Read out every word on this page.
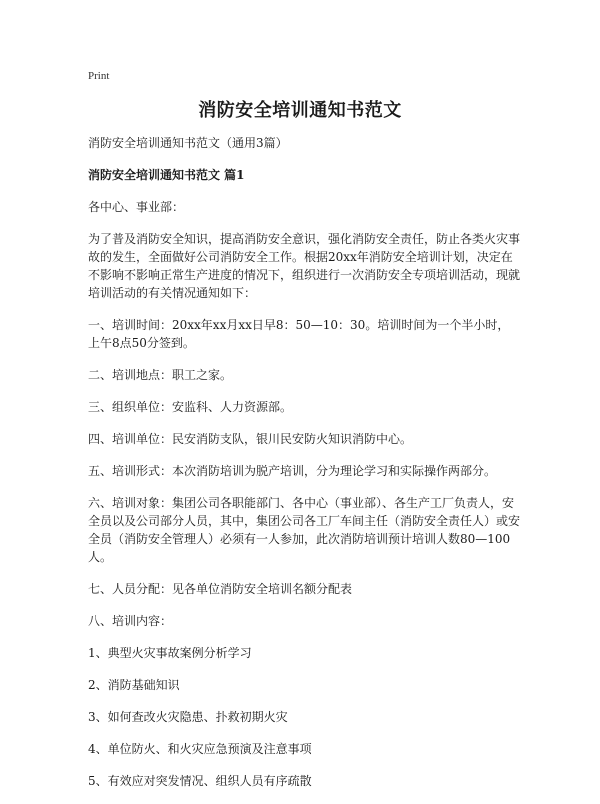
Print
消防安全培训通知书范文

消防安全培训通知书范文（通用3篇）

消防安全培训通知书范文 篇1

各中心、事业部：

为了普及消防安全知识，提高消防安全意识，强化消防安全责任，防止各类火灾事故的发生，全面做好公司消防安全工作。根据20xx年消防安全培训计划，决定在不影响不影响正常生产进度的情况下，组织进行一次消防安全专项培训活动，现就培训活动的有关情况通知如下：

一、培训时间：20xx年xx月xx日早8：50—10：30。培训时间为一个半小时，上午8点50分签到。

二、培训地点：职工之家。

三、组织单位：安监科、人力资源部。

四、培训单位：民安消防支队，银川民安防火知识消防中心。

五、培训形式：本次消防培训为脱产培训，分为理论学习和实际操作两部分。

六、培训对象：集团公司各职能部门、各中心（事业部）、各生产工厂负责人，安全员以及公司部分人员，其中，集团公司各工厂车间主任（消防安全责任人）或安全员（消防安全管理人）必须有一人参加，此次消防培训预计培训人数80—100人。

七、人员分配：见各单位消防安全培训名额分配表

八、培训内容：

1、典型火灾事故案例分析学习

2、消防基础知识

3、如何查改火灾隐患、扑救初期火灾

4、单位防火、和火灾应急预演及注意事项

5、有效应对突发情况、组织人员有序疏散
